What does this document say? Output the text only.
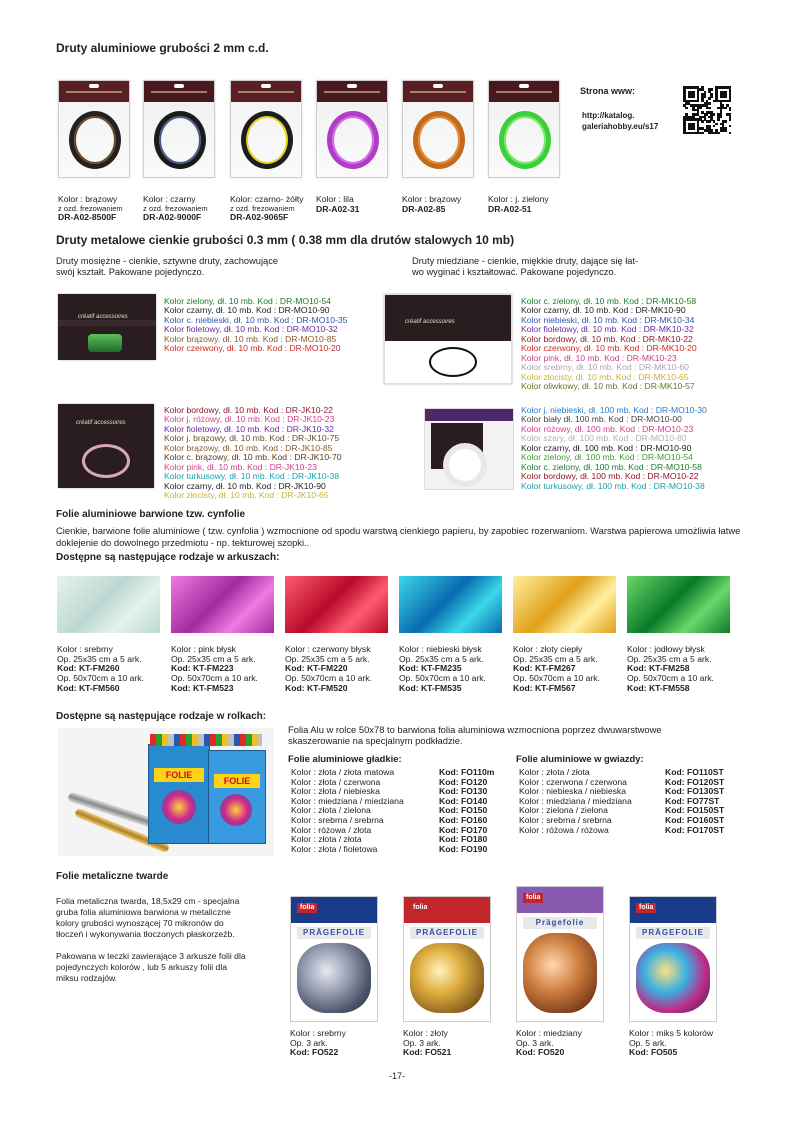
Druty aluminiowe grubości 2 mm c.d.
Kolor : brązowy
z ozd. frezowaniem
DR-A02-8500F
Kolor : czarny
z ozd. frezowaniem
DR-A02-9000F
Kolor: czarno- żółty
z ozd. frezowaniem
DR-A02-9065F
Kolor : lila
DR-A02-31
Kolor : brązowy
DR-A02-85
Kolor : j. zielony
DR-A02-51
Strona www:
http://katalog.
galeriahobby.eu/s17
Druty metalowe cienkie grubości 0.3 mm ( 0.38 mm dla drutów stalowych 10 mb)
Druty mosiężne - cienkie, sztywne druty, zachowujące
swój kształt. Pakowane pojedynczo.
Druty miedziane - cienkie, miękkie druty, dające się łat-
wo wyginać i kształtować. Pakowane pojedynczo.
créatif accessoires
créatif accessoires
créatif accessoires
Kolor zielony, dł. 10 mb. Kod : DR-MO10-54
Kolor czarny, dł. 10 mb. Kod : DR-MO10-90
Kolor c. niebieski, dł. 10 mb. Kod : DR-MO10-35
Kolor fioletowy, dł. 10 mb. Kod : DR-MO10-32
Kolor brązowy, dł. 10 mb. Kod : DR-MO10-85
Kolor czerwony, dł. 10 mb. Kod : DR-MO10-20
Kolor c. zielony, dł. 10 mb. Kod : DR-MK10-58
Kolor czarny, dł. 10 mb. Kod : DR-MK10-90
Kolor niebieski, dł. 10 mb. Kod : DR-MK10-34
Kolor fioletowy, dł. 10 mb. Kod : DR-MK10-32
Kolor bordowy, dł. 10 mb. Kod : DR-MK10-22
Kolor czerwony, dł. 10 mb. Kod : DR-MK10-20
Kolor pink, dł. 10 mb. Kod : DR-MK10-23
Kolor srebrny, dł. 10 mb. Kod : DR-MK10-60
Kolor złocisty, dł. 10 mb. Kod : DR-MK10-65
Kolor oliwkowy, dł. 10 mb. Kod : DR-MK10-57
Kolor bordowy, dł. 10 mb. Kod : DR-JK10-22
Kolor j. różowy, dł. 10 mb. Kod : DR-JK10-23
Kolor fioletowy, dł. 10 mb. Kod : DR-JK10-32
Kolor j. brązowy, dł. 10 mb. Kod : DR-JK10-75
Kolor brązowy, dł. 10 mb. Kod : DR-JK10-85
Kolor c. brązowy, dł. 10 mb. Kod : DR-JK10-70
Kolor pink, dł. 10 mb. Kod : DR-JK10-23
Kolor turkusowy, dł. 10 mb. Kod : DR-JK10-38
Kolor czarny, dł. 10 mb. Kod : DR-JK10-90
Kolor złocisty, dł. 10 mb. Kod : DR-JK10-65
Kolor j. niebieski, dł. 100 mb. Kod : DR-MO10-30
Kolor biały dł. 100 mb. Kod : DR-MO10-00
Kolor różowy, dł. 100 mb. Kod : DR-MO10-23
Kolor szary, dł. 100 mb. Kod : DR-MO10-80
Kolor czarny, dł. 100 mb. Kod : DR-MO10-90
Kolor zielony, dł. 100 mb. Kod : DR-MO10-54
Kolor c. zielony, dł. 100 mb. Kod : DR-MO10-58
Kolor bordowy, dł. 100 mb. Kod : DR-MO10-22
Kolor turkusowy, dł. 100 mb. Kod : DR-MO10-38
Folie aluminiowe barwione tzw. cynfolie
Cienkie, barwione folie aluminiowe ( tzw. cynfolia ) wzmocnione od spodu warstwą cienkiego papieru, by zapobiec rozerwaniom. Warstwa papierowa umożliwia łatwe doklejenie do dowolnego przedmiotu - np. tekturowej szopki..
Dostępne są następujące rodzaje w arkuszach:
Kolor : srebrny
Op. 25x35 cm a 5 ark.
Kod: KT-FM260
Op. 50x70cm a 10 ark.
Kod: KT-FM560
Kolor : pink błysk
Op. 25x35 cm a 5 ark.
Kod: KT-FM223
Op. 50x70cm a 10 ark.
Kod: KT-FM523
Kolor : czerwony błysk
Op. 25x35 cm a 5 ark.
Kod: KT-FM220
Op. 50x70cm a 10 ark.
Kod: KT-FM520
Kolor : niebieski błysk
Op. 25x35 cm a 5 ark.
Kod: KT-FM235
Op. 50x70cm a 10 ark.
Kod: KT-FM535
Kolor : złoty ciepły
Op. 25x35 cm a 5 ark.
Kod: KT-FM267
Op. 50x70cm a 10 ark.
Kod: KT-FM567
Kolor : jodłowy błysk
Op. 25x35 cm a 5 ark.
Kod: KT-FM258
Op. 50x70cm a 10 ark.
Kod: KT-FM558
Dostępne są następujące rodzaje w rolkach:
FOLIE
FOLIE
Folia Alu w rolce 50x78 to barwiona folia aluminiowa wzmocniona poprzez dwuwarstwowe
skaszerowanie na specjalnym podkładzie.
Folie aluminiowe gładkie:	Folie aluminiowe w gwiazdy:
Kolor : złota / złota matowa	Kod: FO110m
Kolor : złota / czerwona	Kod: FO120
Kolor : złota / niebieska	Kod: FO130
Kolor : miedziana / miedziana	Kod: FO140
Kolor : złota / zielona	Kod: FO150
Kolor : srebrna / srebrna	Kod: FO160
Kolor : różowa / złota	Kod: FO170
Kolor : złota / złota	Kod: FO180
Kolor : złota / fioletowa	Kod: FO190
Kolor : złota / złota	Kod: FO110ST
Kolor : czerwona / czerwona	Kod: FO120ST
Kolor : niebieska / niebieska	Kod: FO130ST
Kolor : miedziana / miedziana	Kod: FO77ST
Kolor : zielona / zielona	Kod: FO150ST
Kolor : srebrna / srebrna	Kod: FO160ST
Kolor : różowa / różowa	Kod: FO170ST
Folie metaliczne twarde
Folia metaliczna twarda, 18,5x29 cm - specjalna
gruba folia aluminiowa barwiona w metaliczne
kolory grubości wynoszącej 70 mikronów do
tłoczeń i wykonywania tłoczonych płaskorzeźb.
Pakowana w teczki zawierające 3 arkusze folii dla
pojedynczych kolorów , lub 5 arkuszy folii dla
miksu rodzajów.
folia
PRÄGEFOLIE
Kolor : srebrny
Op. 3 ark.
Kod: FO522
folia
PRÄGEFOLIE
Kolor : złoty
Op. 3 ark.
Kod: FO521
folia
Prägefolie
Kolor : miedziany
Op. 3 ark.
Kod: FO520
folia
PRÄGEFOLIE
Kolor : miks 5 kolorów
Op. 5 ark.
Kod: FO505
-17-
